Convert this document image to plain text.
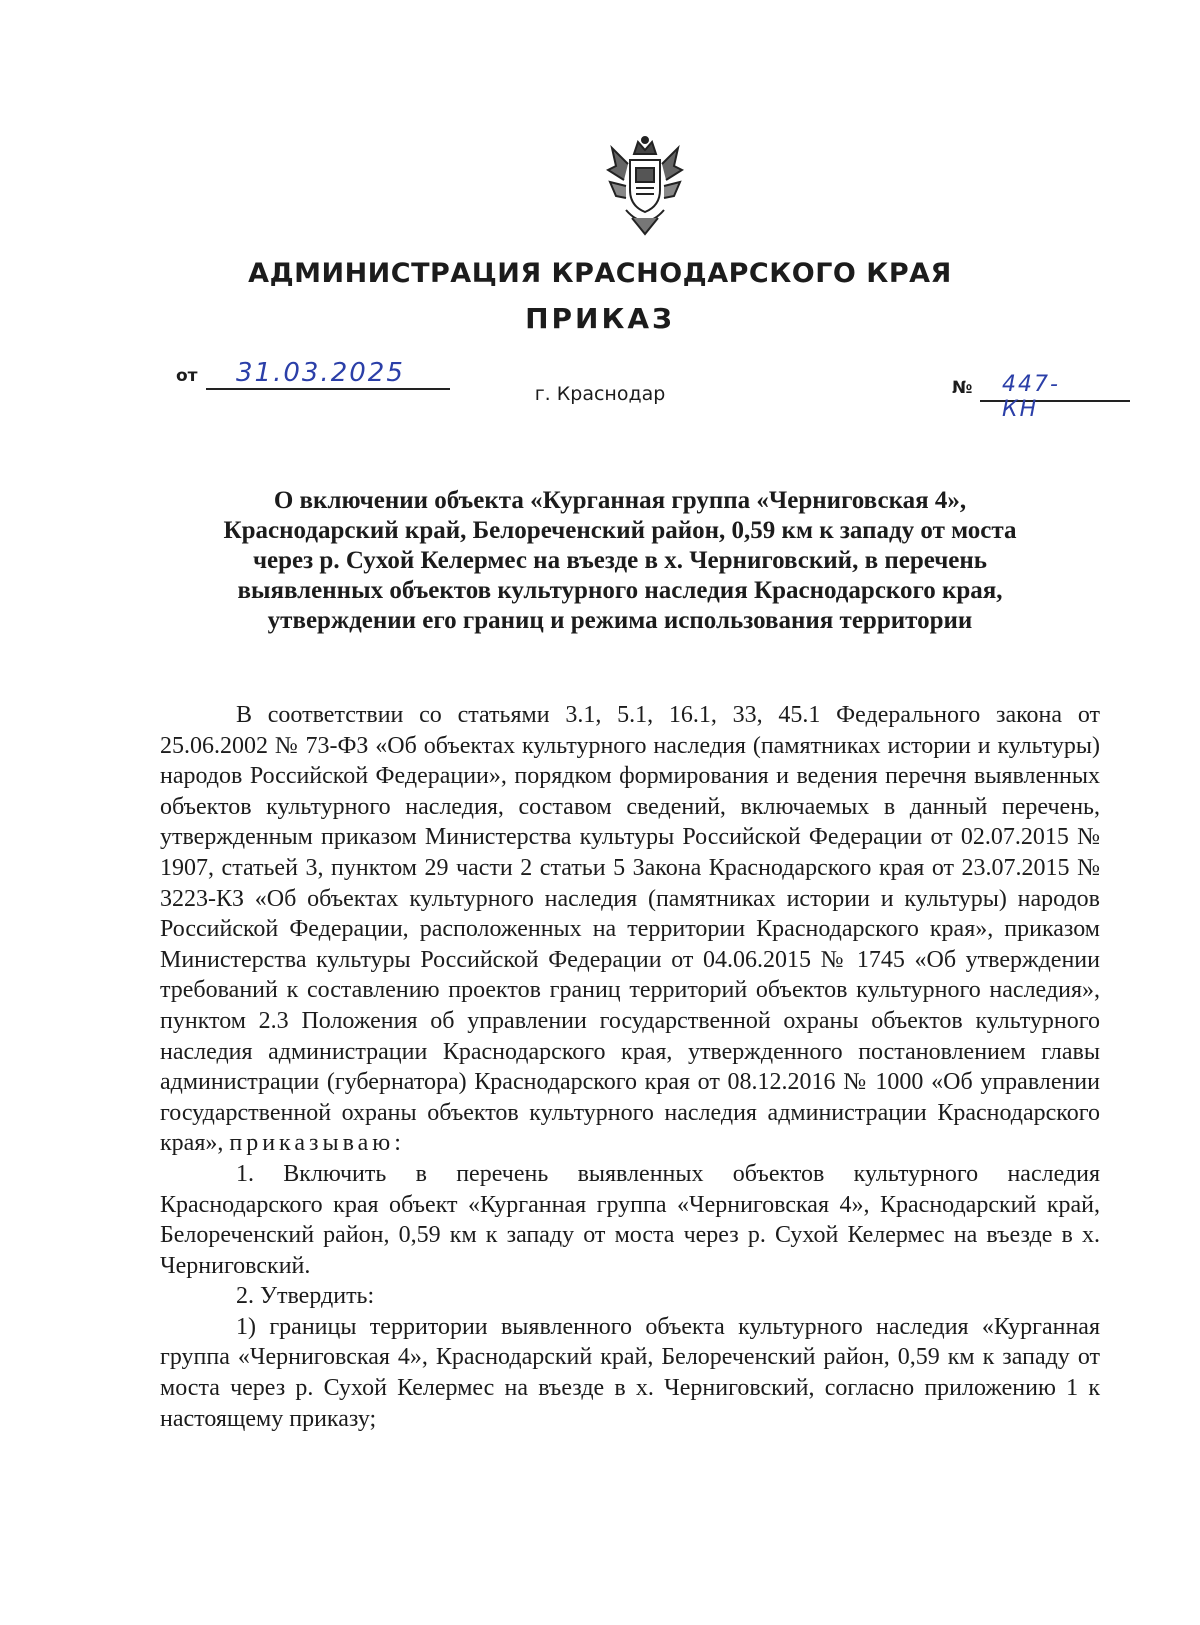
АДМИНИСТРАЦИЯ КРАСНОДАРСКОГО КРАЯ
ПРИКАЗ
от 31.03.2025

г. Краснодар	№ 447-КН
О включении объекта «Курганная группа «Черниговская 4»,
Краснодарский край, Белореченский район, 0,59 км к западу от моста
через р. Сухой Келермес на въезде в х. Черниговский, в перечень
выявленных объектов культурного наследия Краснодарского края,
утверждении его границ и режима использования территории

В соответствии со статьями 3.1, 5.1, 16.1, 33, 45.1 Федерального закона от 25.06.2002 № 73-ФЗ «Об объектах культурного наследия (памятниках истории и культуры) народов Российской Федерации», порядком формирования и ведения перечня выявленных объектов культурного наследия, составом сведений, включаемых в данный перечень, утвержденным приказом Министерства культуры Российской Федерации от 02.07.2015 № 1907, статьей 3, пунктом 29 части 2 статьи 5 Закона Краснодарского края от 23.07.2015 № 3223-КЗ «Об объектах культурного наследия (памятниках истории и культуры) народов Российской Федерации, расположенных на территории Краснодарского края», приказом Министерства культуры Российской Федерации от 04.06.2015 № 1745 «Об утверждении требований к составлению проектов границ территорий объектов культурного наследия», пунктом 2.3 Положения об управлении государственной охраны объектов культурного наследия администрации Краснодарского края, утвержденного постановлением главы администрации (губернатора) Краснодарского края от 08.12.2016 № 1000 «Об управлении государственной охраны объектов культурного наследия администрации Краснодарского края», приказываю:

1. Включить в перечень выявленных объектов культурного наследия Краснодарского края объект «Курганная группа «Черниговская 4», Краснодарский край, Белореченский район, 0,59 км к западу от моста через р. Сухой Келермес на въезде в х. Черниговский.

2. Утвердить:

1) границы территории выявленного объекта культурного наследия «Курганная группа «Черниговская 4», Краснодарский край, Белореченский район, 0,59 км к западу от моста через р. Сухой Келермес на въезде в х. Черниговский, согласно приложению 1 к настоящему приказу;
